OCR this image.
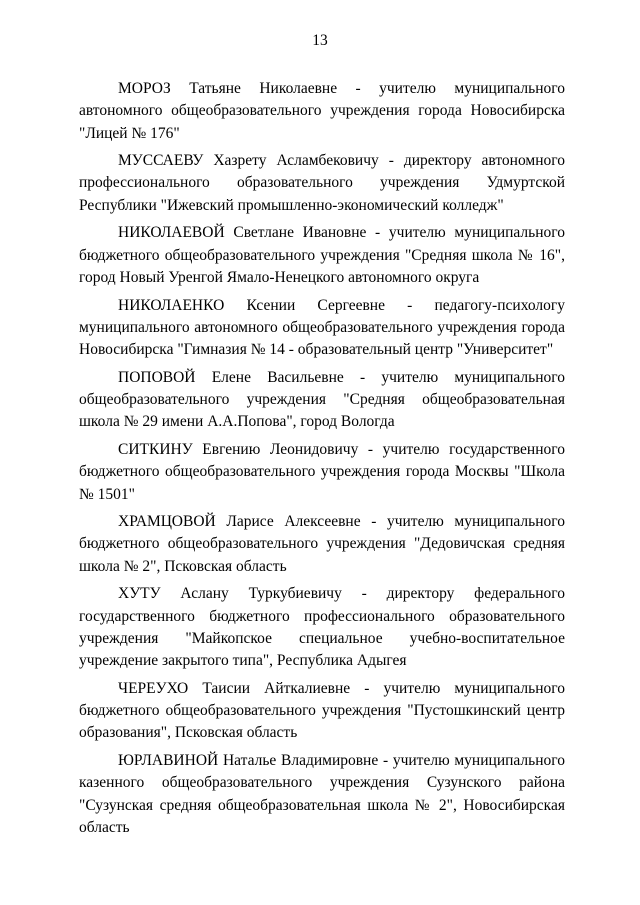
13

МОРОЗ Татьяне Николаевне - учителю муниципального автономного общеобразовательного учреждения города Новосибирска "Лицей № 176"

МУССАЕВУ Хазрету Асламбековичу - директору автономного профессионального образовательного учреждения Удмуртской Республики "Ижевский промышленно-экономический колледж"

НИКОЛАЕВОЙ Светлане Ивановне - учителю муниципального бюджетного общеобразовательного учреждения "Средняя школа № 16", город Новый Уренгой Ямало-Ненецкого автономного округа

НИКОЛАЕНКО Ксении Сергеевне - педагогу-психологу муниципального автономного общеобразовательного учреждения города Новосибирска "Гимназия № 14 - образовательный центр "Университет"

ПОПОВОЙ Елене Васильевне - учителю муниципального общеобразовательного учреждения "Средняя общеобразовательная школа № 29 имени А.А.Попова", город Вологда

СИТКИНУ Евгению Леонидовичу - учителю государственного бюджетного общеобразовательного учреждения города Москвы "Школа № 1501"

ХРАМЦОВОЙ Ларисе Алексеевне - учителю муниципального бюджетного общеобразовательного учреждения "Дедовичская средняя школа № 2", Псковская область

ХУТУ Аслану Туркубиевичу - директору федерального государственного бюджетного профессионального образовательного учреждения "Майкопское специальное учебно-воспитательное учреждение закрытого типа", Республика Адыгея

ЧЕРЕУХО Таисии Айткалиевне - учителю муниципального бюджетного общеобразовательного учреждения "Пустошкинский центр образования", Псковская область

ЮРЛАВИНОЙ Наталье Владимировне - учителю муниципального казенного общеобразовательного учреждения Сузунского района "Сузунская средняя общеобразовательная школа № 2", Новосибирская область
